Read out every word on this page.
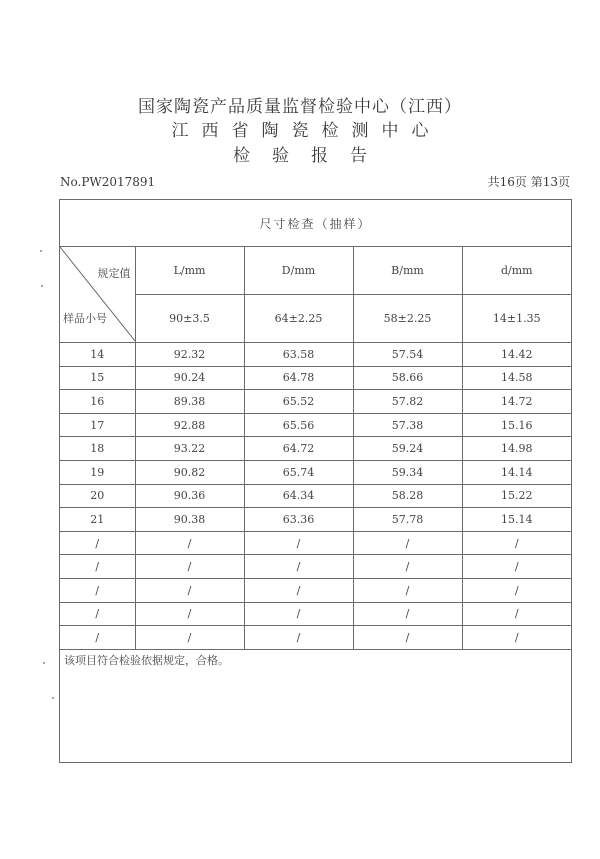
国家陶瓷产品质量监督检验中心（江西）
江西省陶瓷检测中心
检验报告
No.PW2017891	共16页 第13页
尺寸检查（抽样）				

规定值
样品小号	L/mm	D/mm	B/mm	d/mm
	90±3.5	64±2.25	58±2.25	14±1.35
14	92.32	63.58	57.54	14.42
15	90.24	64.78	58.66	14.58
16	89.38	65.52	57.82	14.72
17	92.88	65.56	57.38	15.16
18	93.22	64.72	59.24	14.98
19	90.82	65.74	59.34	14.14
20	90.36	64.34	58.28	15.22
21	90.38	63.36	57.78	15.14
/	/	/	/	/
/	/	/	/	/
/	/	/	/	/
/	/	/	/	/
/	/	/	/	/
该项目符合检验依据规定，合格。
